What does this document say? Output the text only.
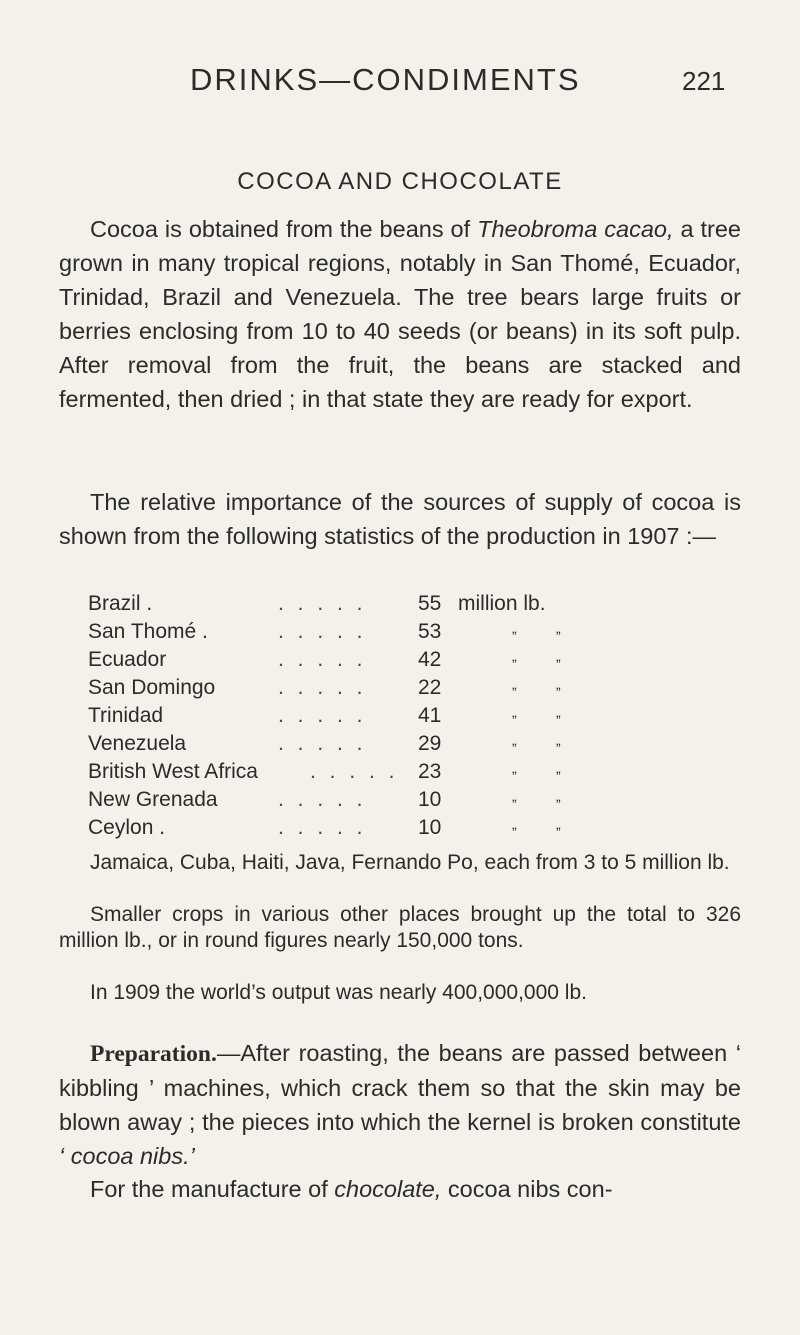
DRINKS—CONDIMENTS	221
COCOA AND CHOCOLATE

Cocoa is obtained from the beans of Theobroma cacao, a tree grown in many tropical regions, notably in San Thomé, Ecuador, Trinidad, Brazil and Venezuela. The tree bears large fruits or berries enclosing from 10 to 40 seeds (or beans) in its soft pulp. After removal from the fruit, the beans are stacked and fermented, then dried ; in that state they are ready for export.

The relative importance of the sources of supply of cocoa is shown from the following statistics of the production in 1907 :—

Brazil .	. . . . . 55 million lb.
San Thomé .	. . . . . 53	„	„
Ecuador	. . . . . 42	„	„
San Domingo	. . . . . 22	„	„
Trinidad	. . . . . 41	„	„
Venezuela	. . . . . 29	„	„
British West Africa . . . . . 23	„	„
New Grenada	. . . . . 10	„	„
Ceylon .	. . . . . 10	„	„

Jamaica, Cuba, Haiti, Java, Fernando Po, each from 3 to 5 million lb.

Smaller crops in various other places brought up the total to 326 million lb., or in round figures nearly 150,000 tons.

In 1909 the world’s output was nearly 400,000,000 lb.

Preparation.—After roasting, the beans are passed between ‘ kibbling ’ machines, which crack them so that the skin may be blown away ; the pieces into which the kernel is broken constitute ‘ cocoa nibs.’

For the manufacture of chocolate, cocoa nibs con-
